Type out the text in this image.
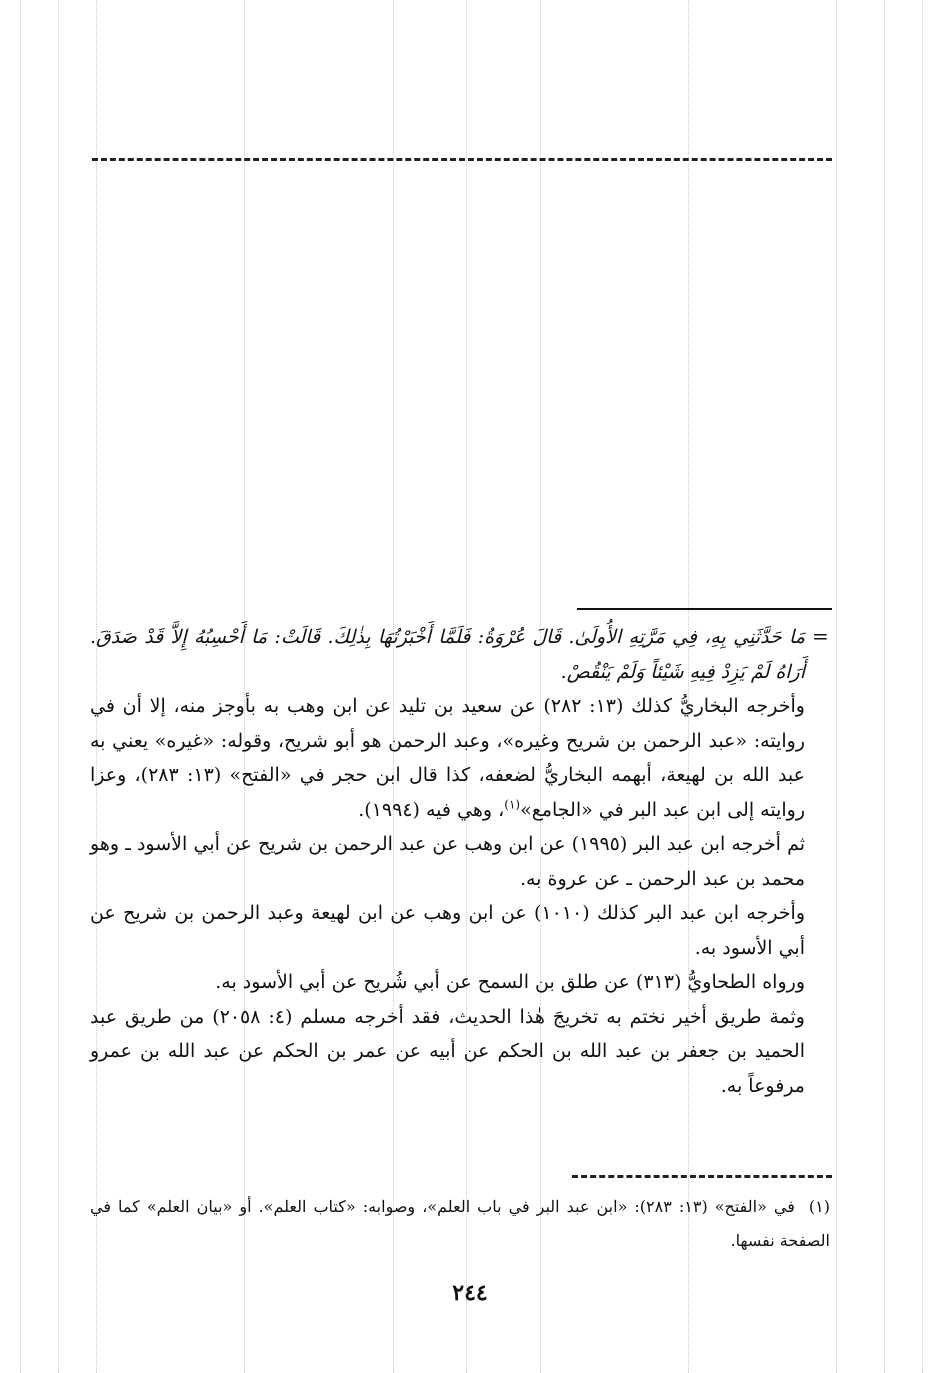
=

مَا حَدَّثَنِي بِهِ، فِي مَرَّتِهِ الأُولَىٰ. قَالَ عُرْوَةُ: فَلَمَّا أَخْبَرْتُهَا بِذٰلِكَ. قَالَتْ: مَا أَحْسِبُهُ إِلاَّ قَدْ صَدَقَ. أَرَاهُ لَمْ يَزِدْ فِيهِ شَيْئاً وَلَمْ يَنْقُصْ.

وأخرجه البخاريُّ كذلك (١٣: ٢٨٢) عن سعيد بن تليد عن ابن وهب به بأوجز منه، إلا أن في روايته: «عبد الرحمن بن شريح وغيره»، وعبد الرحمن هو أبو شريح، وقوله: «غيره» يعني به عبد الله بن لهيعة، أبهمه البخاريُّ لضعفه، كذا قال ابن حجر في «الفتح» (١٣: ٢٨٣)، وعزا روايته إلى ابن عبد البر في «الجامع»$^{(١)}$، وهي فيه (١٩٩٤).

ثم أخرجه ابن عبد البر (١٩٩٥) عن ابن وهب عن عبد الرحمن بن شريح عن أبي الأسود ـ وهو محمد بن عبد الرحمن ـ عن عروة به.

وأخرجه ابن عبد البر كذلك (١٠١٠) عن ابن وهب عن ابن لهيعة وعبد الرحمن بن شريح عن أبي الأسود به.

ورواه الطحاويُّ (٣١٣) عن طلق بن السمح عن أبي شُريح عن أبي الأسود به.

وثمة طريق أخير نختم به تخريجَ هٰذا الحديث، فقد أخرجه مسلم (٤: ٢٠٥٨) من طريق عبد الحميد بن جعفر بن عبد الله بن الحكم عن أبيه عن عمر بن الحكم عن عبد الله بن عمرو مرفوعاً به.

(١)في «الفتح» (١٣: ٢٨٣): «ابن عبد البر في باب العلم»، وصوابه: «كتاب العلم». أو «بيان العلم» كما في الصفحة نفسها.

٢٤٤
